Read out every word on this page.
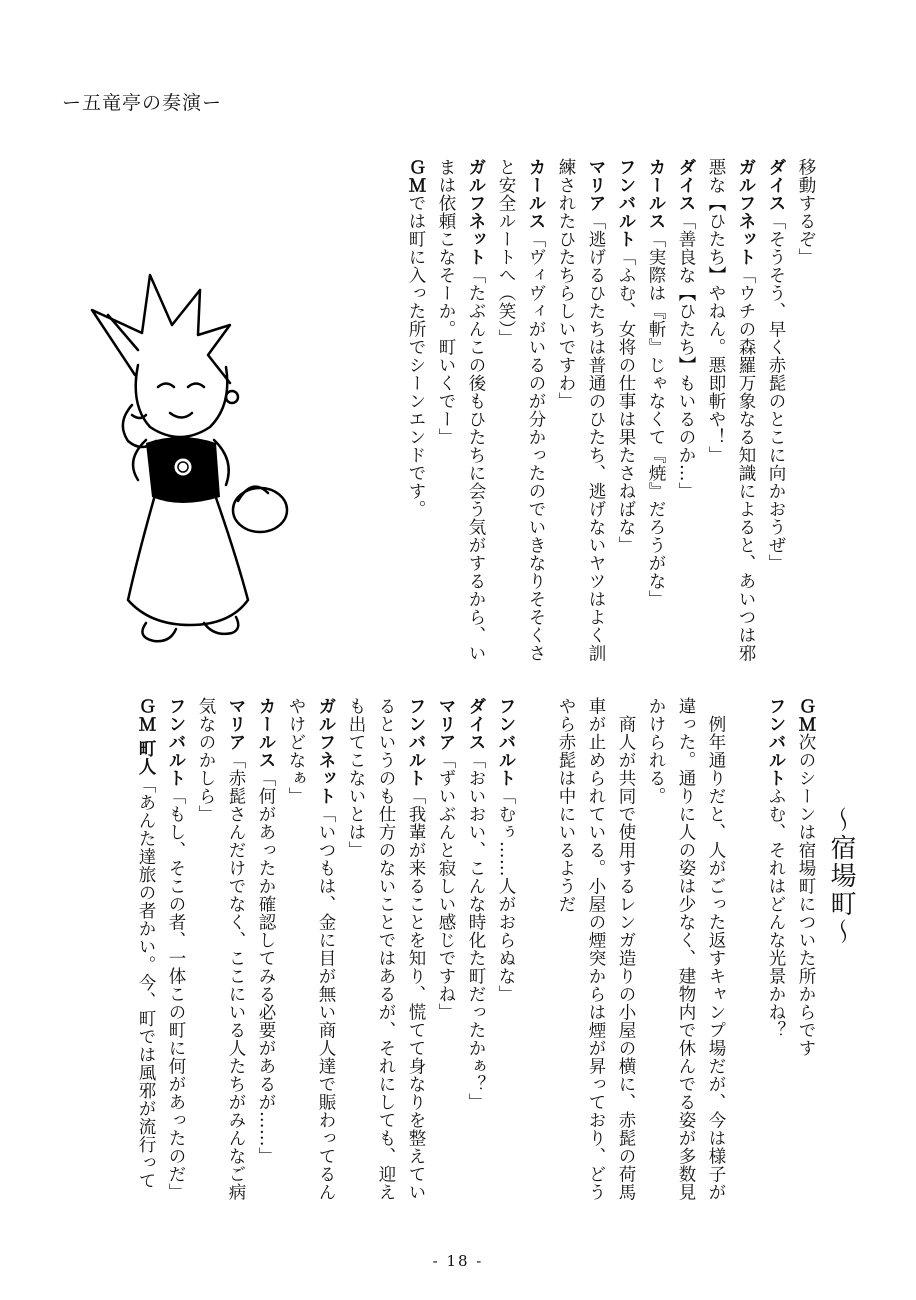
ー五竜亭の奏演ー
移動するぞ」
ダイス「そうそう、早く赤髭のとこに向かおうぜ」
ガルフネット「ウチの森羅万象なる知識によると、あいつは邪
悪な【ひたち】やねん。悪即斬や！」
ダイス「善良な【ひたち】もいるのか…」
カールス「実際は『斬』じゃなくて『焼』だろうがな」
フンバルト「ふむ、女将の仕事は果たさねばな」
マリア「逃げるひたちは普通のひたち、逃げないヤツはよく訓
練されたひたちらしいですわ」
カールス「ヴィヴィがいるのが分かったのでいきなりそそくさ
と安全ルートへ（笑）」
ガルフネット「たぶんこの後もひたちに会う気がするから、い
まは依頼こなそーか。町いくでー」
ＧＭでは町に入った所でシーンエンドです。
～宿場町～
ＧＭ次のシーンは宿場町についた所からです
フンバルトふむ、それはどんな光景かね？

　例年通りだと、人がごった返すキャンプ場だが、今は様子が
違った。通りに人の姿は少なく、建物内で休んでる姿が多数見
かけられる。
　商人が共同で使用するレンガ造りの小屋の横に、赤髭の荷馬
車が止められている。小屋の煙突からは煙が昇っており、どう
やら赤髭は中にいるようだ

フンバルト「むぅ……人がおらぬな」
ダイス「おいおい、こんな時化た町だったかぁ？」
マリア「ずいぶんと寂しい感じですね」
フンバルト「我輩が来ることを知り、慌てて身なりを整えてい
るというのも仕方のないことではあるが、それにしても、迎え
も出てこないとは」
ガルフネット「いつもは、金に目が無い商人達で賑わってるん
やけどなぁ」
カールス「何があったか確認してみる必要があるが……」
マリア「赤髭さんだけでなく、ここにいる人たちがみんなご病
気なのかしら」
フンバルト「もし、そこの者、一体この町に何があったのだ」
ＧＭ 町人「あんた達旅の者かい。今、町では風邪が流行って
- 18 -
